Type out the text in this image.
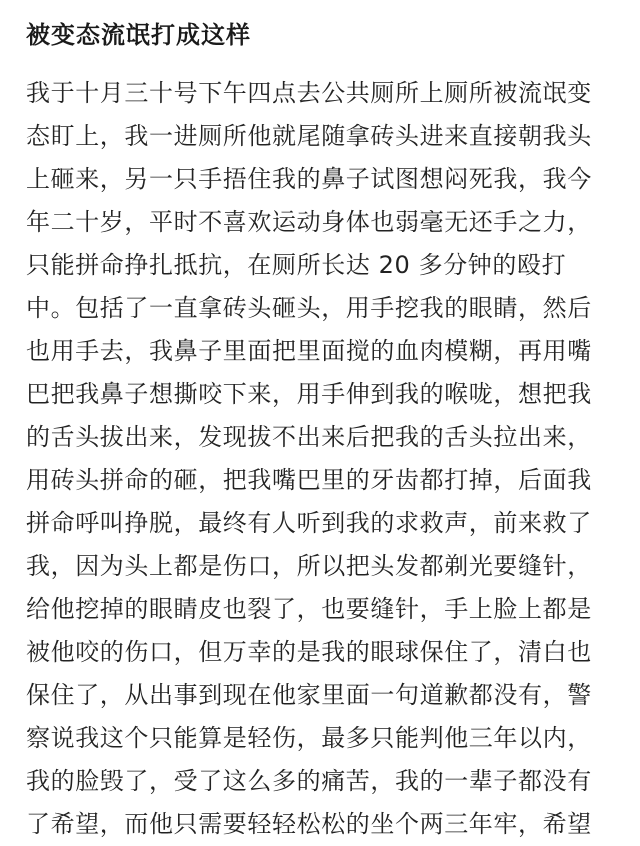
被变态流氓打成这样
我于十月三十号下午四点去公共厕所上厕所被流氓变
态盯上，我一进厕所他就尾随拿砖头进来直接朝我头
上砸来，另一只手捂住我的鼻子试图想闷死我，我今
年二十岁，平时不喜欢运动身体也弱毫无还手之力，
只能拼命挣扎抵抗，在厕所长达 20 多分钟的殴打
中。包括了一直拿砖头砸头，用手挖我的眼睛，然后
也用手去，我鼻子里面把里面搅的血肉模糊，再用嘴
巴把我鼻子想撕咬下来，用手伸到我的喉咙，想把我
的舌头拔出来，发现拔不出来后把我的舌头拉出来，
用砖头拼命的砸，把我嘴巴里的牙齿都打掉，后面我
拼命呼叫挣脱，最终有人听到我的求救声，前来救了
我，因为头上都是伤口，所以把头发都剃光要缝针，
给他挖掉的眼睛皮也裂了，也要缝针，手上脸上都是
被他咬的伤口，但万幸的是我的眼球保住了，清白也
保住了，从出事到现在他家里面一句道歉都没有，警
察说我这个只能算是轻伤，最多只能判他三年以内，
我的脸毁了，受了这么多的痛苦，我的一辈子都没有
了希望，而他只需要轻轻松松的坐个两三年牢，希望
